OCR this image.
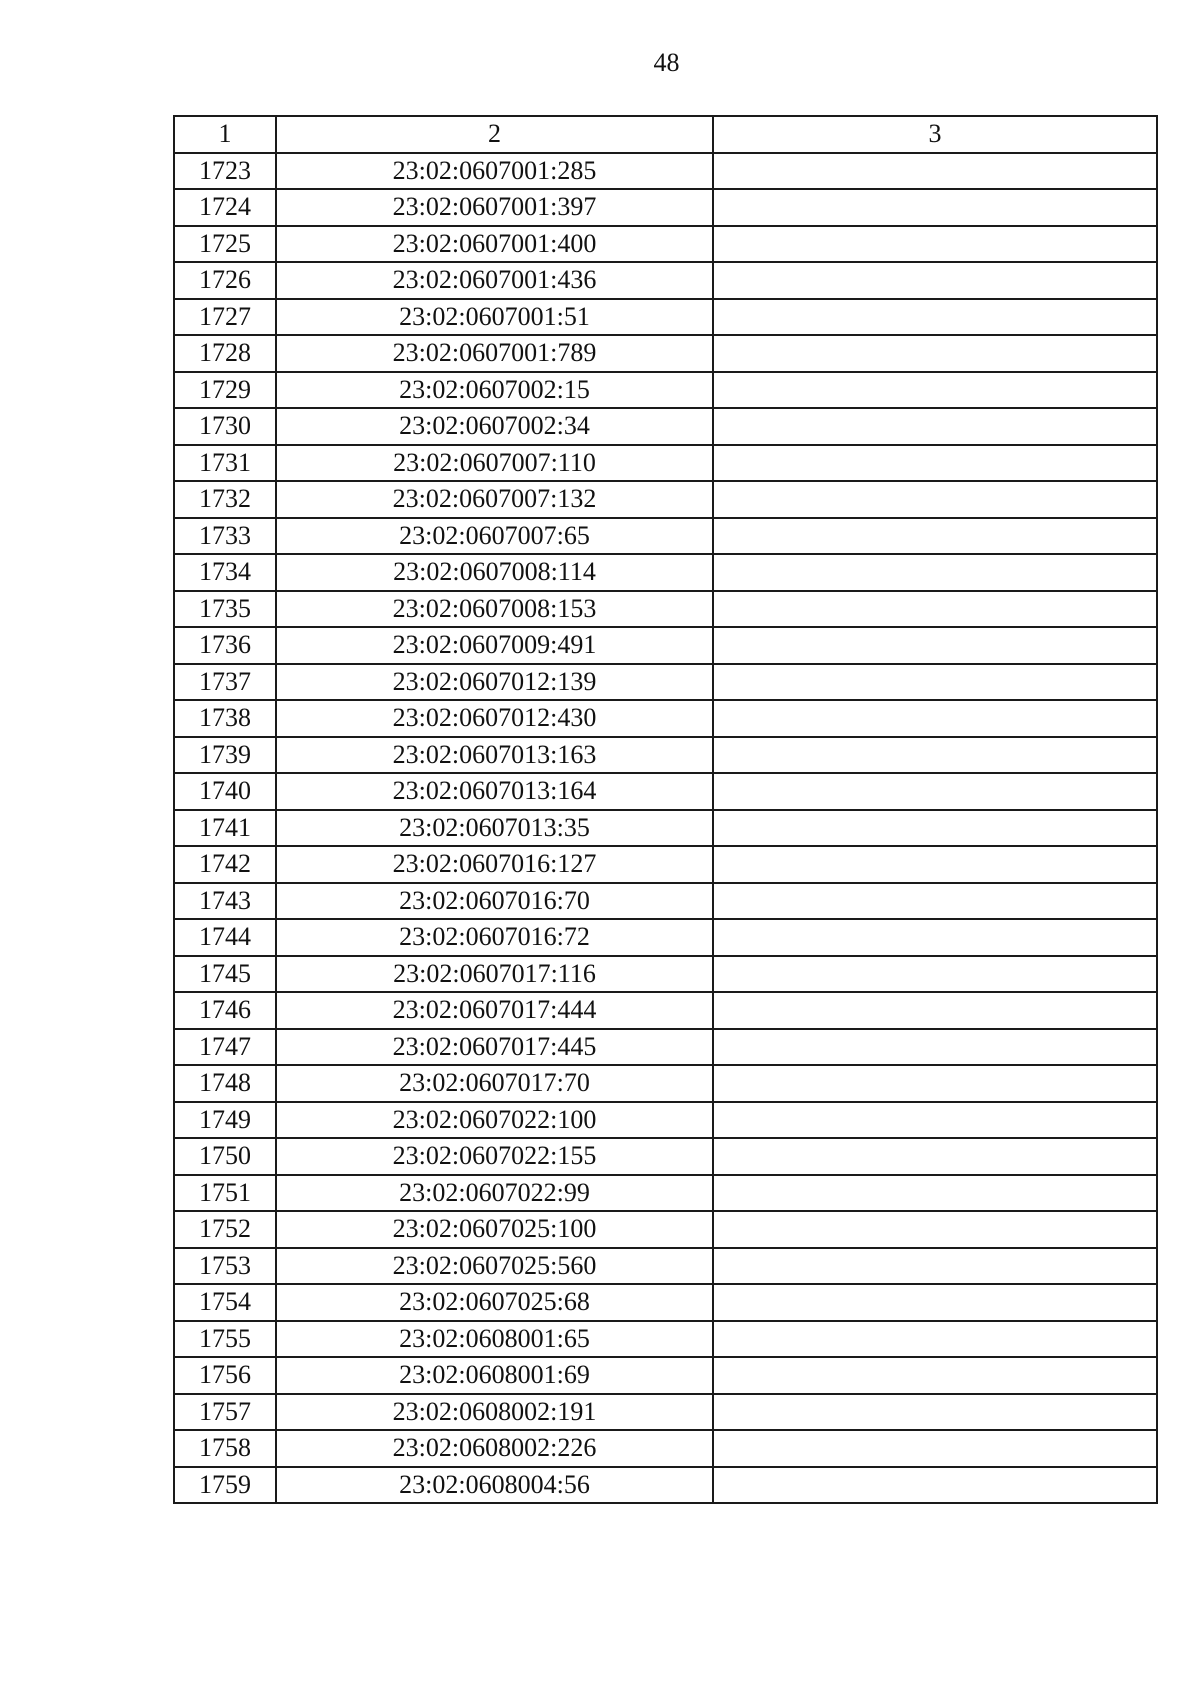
48
1	2	3
1723	23:02:0607001:285	
1724	23:02:0607001:397	
1725	23:02:0607001:400	
1726	23:02:0607001:436	
1727	23:02:0607001:51	
1728	23:02:0607001:789	
1729	23:02:0607002:15	
1730	23:02:0607002:34	
1731	23:02:0607007:110	
1732	23:02:0607007:132	
1733	23:02:0607007:65	
1734	23:02:0607008:114	
1735	23:02:0607008:153	
1736	23:02:0607009:491	
1737	23:02:0607012:139	
1738	23:02:0607012:430	
1739	23:02:0607013:163	
1740	23:02:0607013:164	
1741	23:02:0607013:35	
1742	23:02:0607016:127	
1743	23:02:0607016:70	
1744	23:02:0607016:72	
1745	23:02:0607017:116	
1746	23:02:0607017:444	
1747	23:02:0607017:445	
1748	23:02:0607017:70	
1749	23:02:0607022:100	
1750	23:02:0607022:155	
1751	23:02:0607022:99	
1752	23:02:0607025:100	
1753	23:02:0607025:560	
1754	23:02:0607025:68	
1755	23:02:0608001:65	
1756	23:02:0608001:69	
1757	23:02:0608002:191	
1758	23:02:0608002:226	
1759	23:02:0608004:56	
